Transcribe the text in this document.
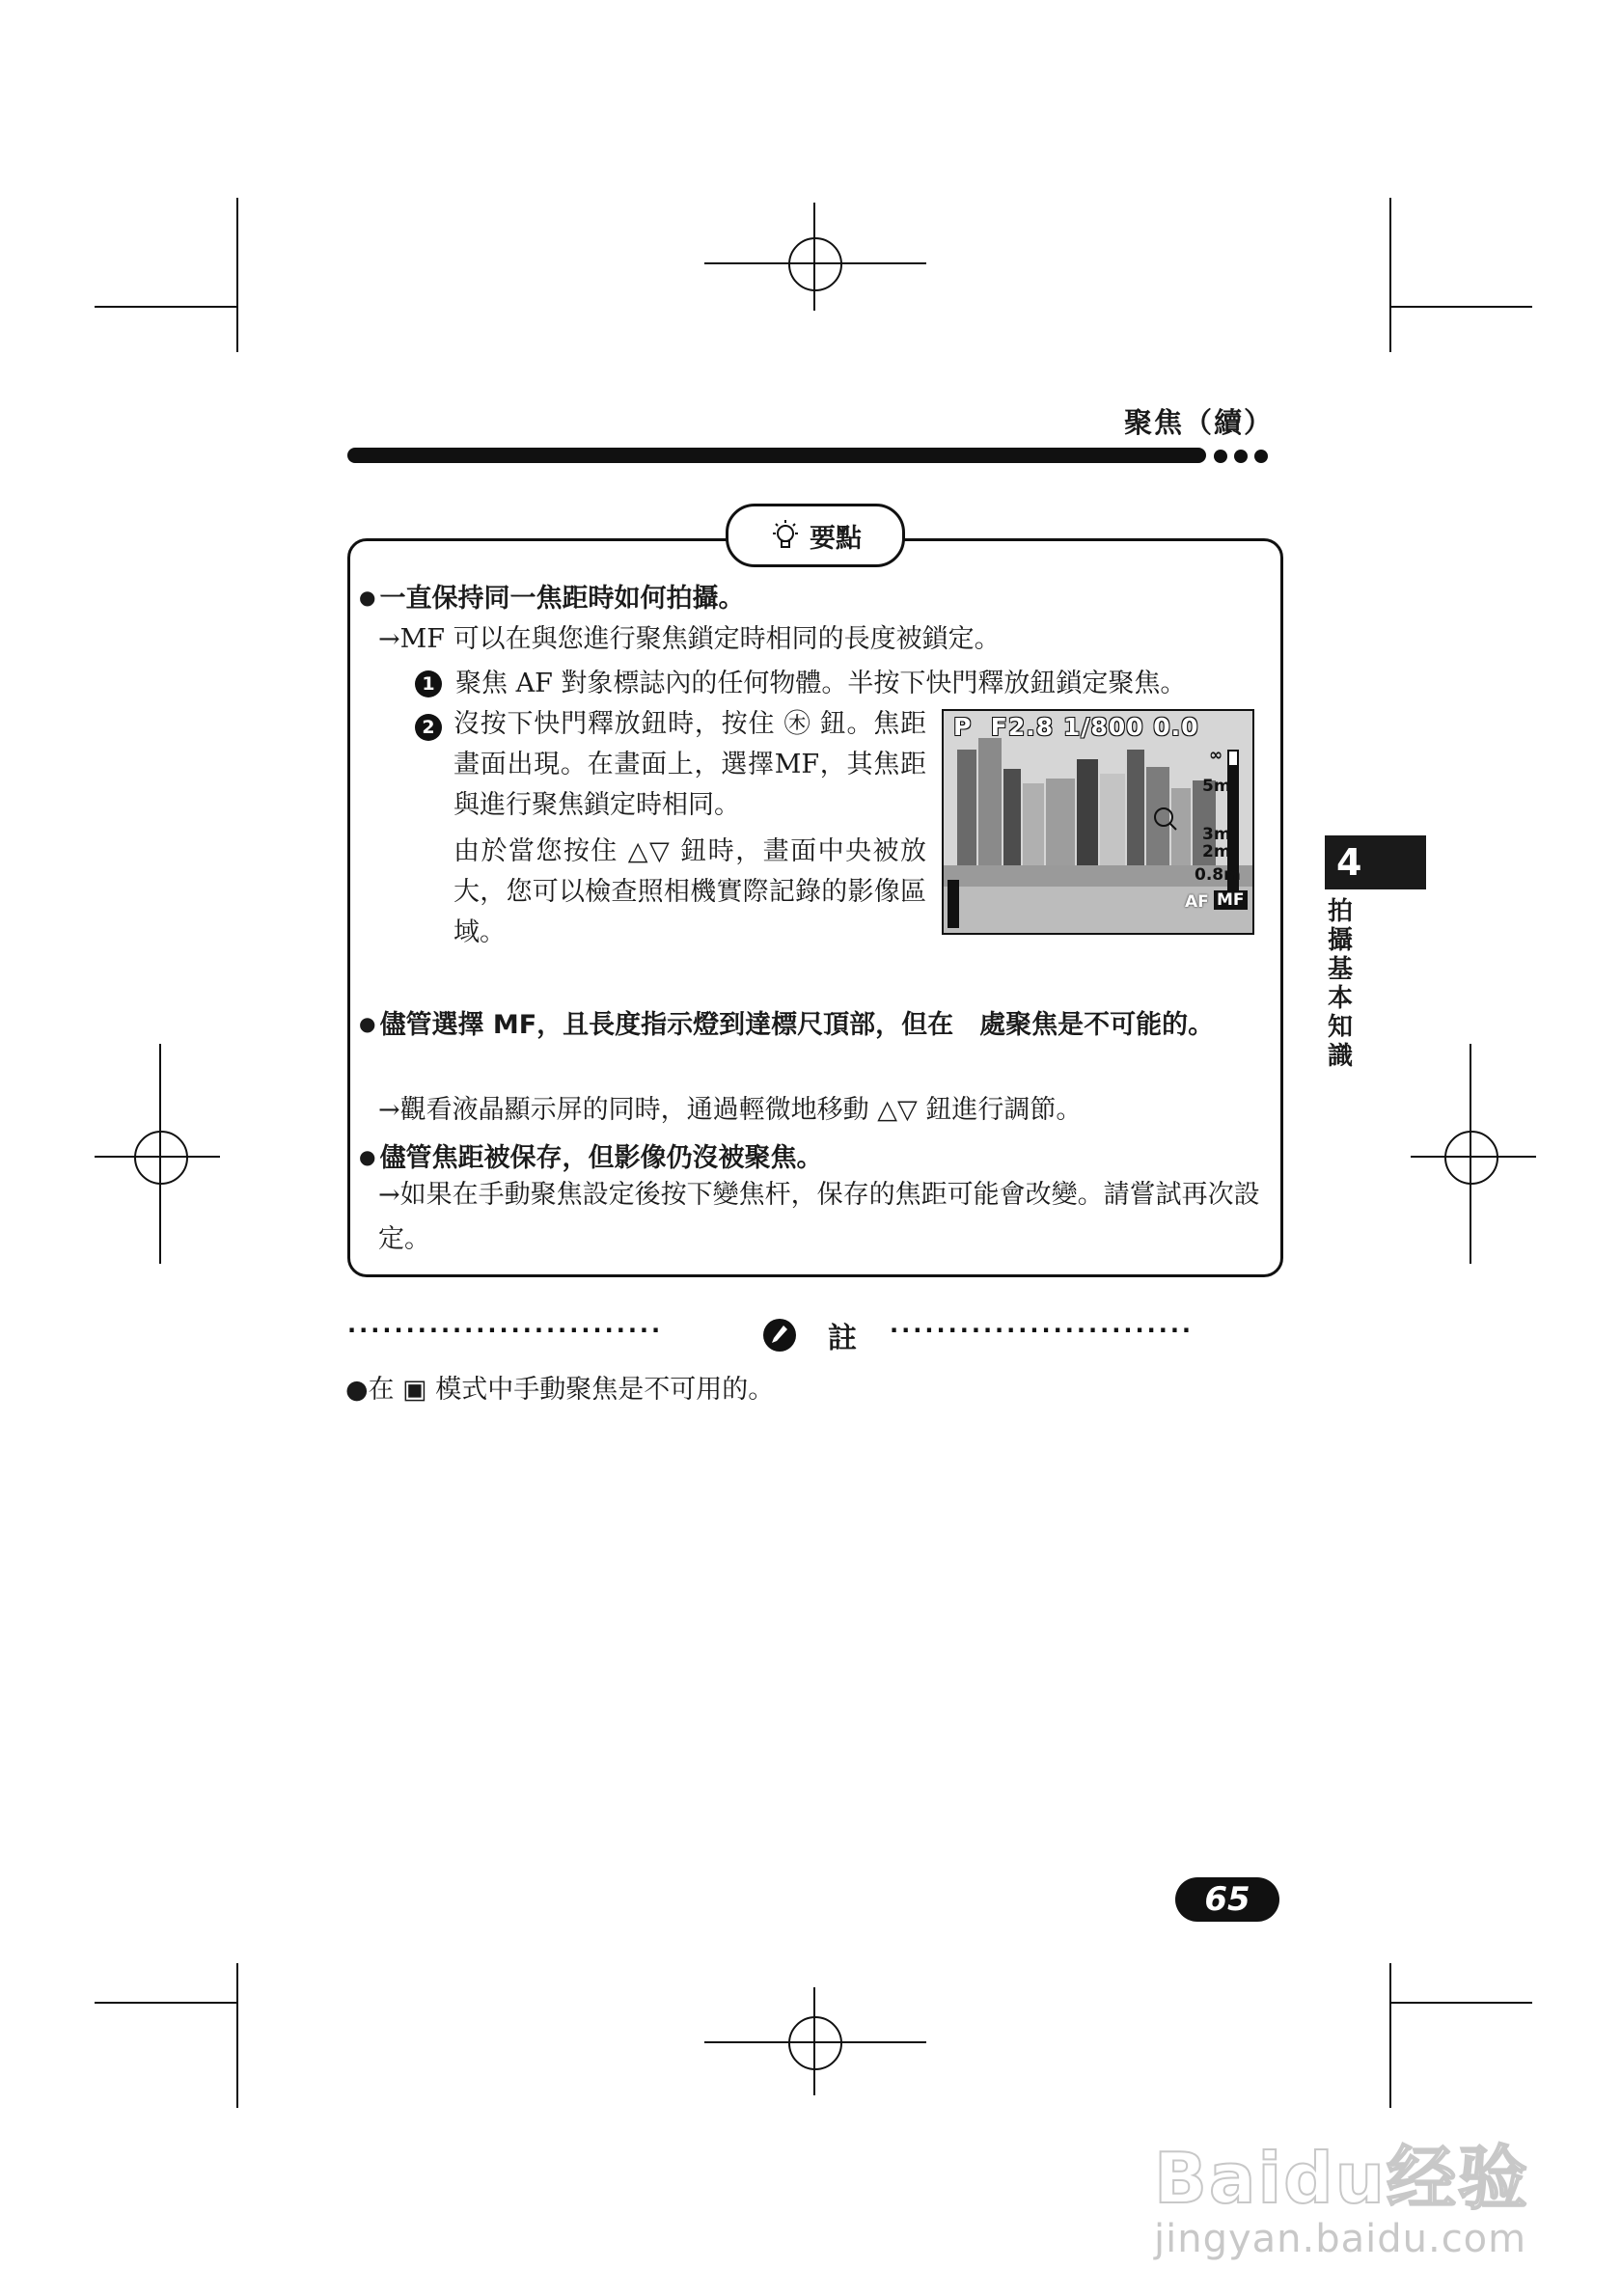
聚焦（續）
要點
● 一直保持同一焦距時如何拍攝。
→MF 可以在與您進行聚焦鎖定時相同的長度被鎖定。
1 聚焦 AF 對象標誌內的任何物體。半按下快門釋放鈕鎖定聚焦。
2 沒按下快門釋放鈕時，按住 ㊍ 鈕。焦距畫面出現。在畫面上，選擇MF，其焦距與進行聚焦鎖定時相同。
由於當您按住 △▽ 鈕時，畫面中央被放大，您可以檢查照相機實際記錄的影像區域。
P F2.8 1/800 0.0
∞
5m
3m
2m
0.8m
AF MF
● 儘管選擇 MF，且長度指示燈到達標尺頂部，但在　處聚焦是不可能的。
→觀看液晶顯示屏的同時，通過輕微地移動 △▽ 鈕進行調節。
● 儘管焦距被保存，但影像仍沒被聚焦。
→如果在手動聚焦設定後按下變焦杆，保存的焦距可能會改變。請嘗試再次設定。
···························	註 ··························
●在 ▣ 模式中手動聚焦是不可用的。
4
拍攝基本知識
65
Baidu经验
jingyan.baidu.com
